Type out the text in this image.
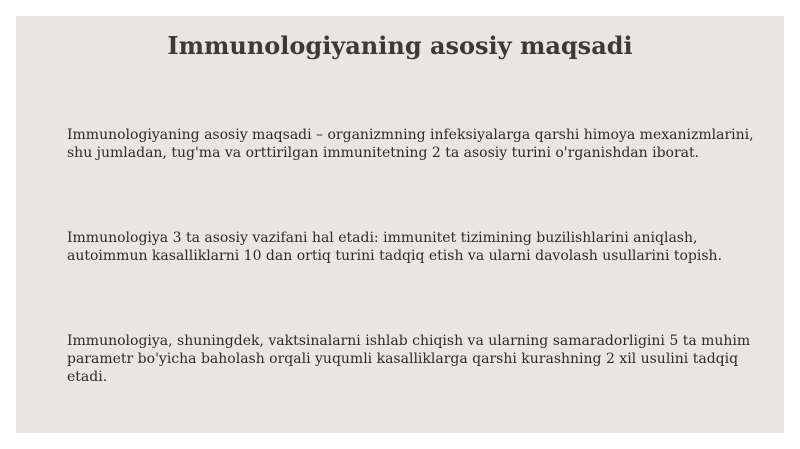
Immunologiyaning asosiy maqsadi

Immunologiyaning asosiy maqsadi – organizmning infeksiyalarga qarshi himoya mexanizmlarini, shu jumladan, tug'ma va orttirilgan immunitetning 2 ta asosiy turini o'rganishdan iborat.

Immunologiya 3 ta asosiy vazifani hal etadi: immunitet tizimining buzilishlarini aniqlash, autoimmun kasalliklarni 10 dan ortiq turini tadqiq etish va ularni davolash usullarini topish.

Immunologiya, shuningdek, vaktsinalarni ishlab chiqish va ularning samaradorligini 5 ta muhim parametr bo'yicha baholash orqali yuqumli kasalliklarga qarshi kurashning 2 xil usulini tadqiq etadi.
